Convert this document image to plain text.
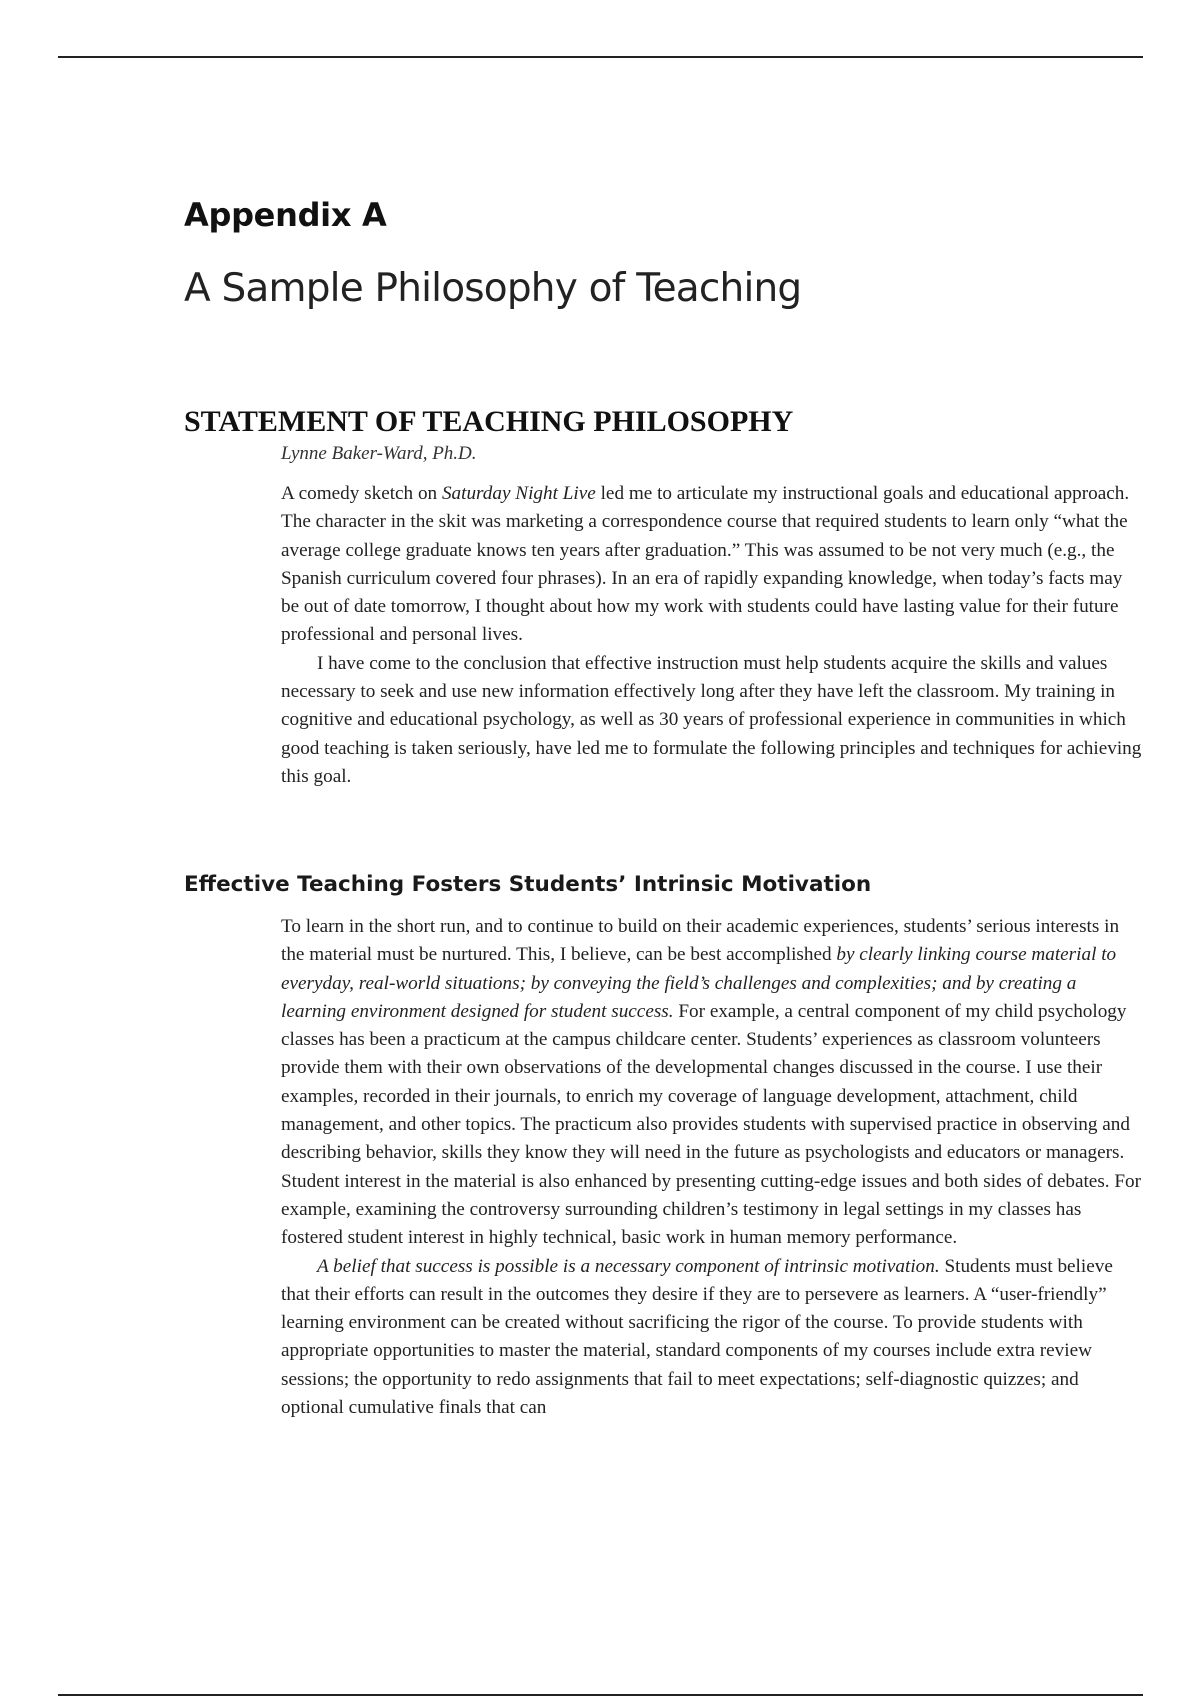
Appendix A
A Sample Philosophy of Teaching
STATEMENT OF TEACHING PHILOSOPHY
Lynne Baker-Ward, Ph.D.

A comedy sketch on Saturday Night Live led me to articulate my instructional goals and educational approach. The character in the skit was marketing a correspondence course that required students to learn only “what the average college graduate knows ten years after graduation.” This was assumed to be not very much (e.g., the Spanish curriculum covered four phrases). In an era of rapidly expanding knowledge, when today’s facts may be out of date tomorrow, I thought about how my work with students could have lasting value for their future professional and personal lives.

I have come to the conclusion that effective instruction must help students acquire the skills and values necessary to seek and use new information effectively long after they have left the classroom. My training in cognitive and educational psychology, as well as 30 years of professional experience in communities in which good teaching is taken seriously, have led me to formulate the following principles and techniques for achieving this goal.

Effective Teaching Fosters Students’ Intrinsic Motivation

To learn in the short run, and to continue to build on their academic experiences, students’ serious interests in the material must be nurtured. This, I believe, can be best accomplished by clearly linking course material to everyday, real-world situations; by conveying the field’s challenges and complexities; and by creating a learning environment designed for student success. For example, a central component of my child psychology classes has been a practicum at the campus childcare center. Students’ experiences as classroom volunteers provide them with their own observations of the developmental changes discussed in the course. I use their examples, recorded in their journals, to enrich my coverage of language development, attachment, child management, and other topics. The practicum also provides students with supervised practice in observing and describing behavior, skills they know they will need in the future as psychologists and educators or managers. Student interest in the material is also enhanced by presenting cutting-edge issues and both sides of debates. For example, examining the controversy surrounding children’s testimony in legal settings in my classes has fostered student interest in highly technical, basic work in human memory performance.

A belief that success is possible is a necessary component of intrinsic motivation. Students must believe that their efforts can result in the outcomes they desire if they are to persevere as learners. A “user-friendly” learning environment can be created without sacrificing the rigor of the course. To provide students with appropriate opportunities to master the material, standard components of my courses include extra review sessions; the opportunity to redo assignments that fail to meet expectations; self-diagnostic quizzes; and optional cumulative finals that can
